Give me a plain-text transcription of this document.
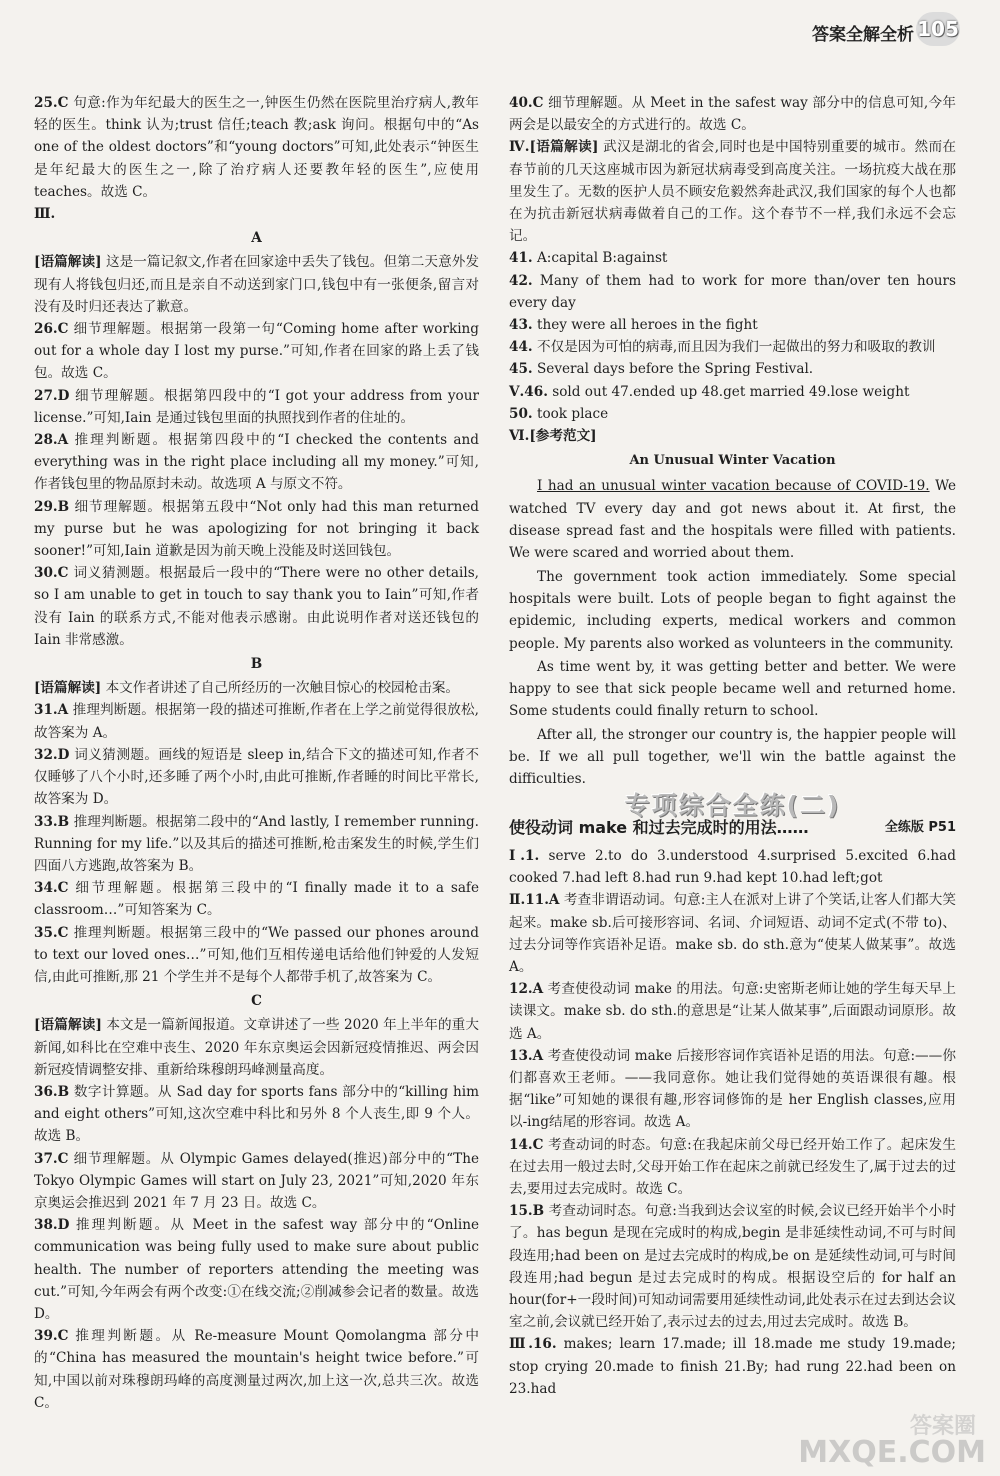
答案全解全析 105

25.C 句意:作为年纪最大的医生之一,钟医生仍然在医院里治疗病人,教年轻的医生。think 认为;trust 信任;teach 教;ask 询问。根据句中的“As one of the oldest doctors”和“young doctors”可知,此处表示“钟医生是年纪最大的医生之一,除了治疗病人还要教年轻的医生”,应使用 teaches。故选 C。

Ⅲ.

A

[语篇解读] 这是一篇记叙文,作者在回家途中丢失了钱包。但第二天意外发现有人将钱包归还,而且是亲自不动送到家门口,钱包中有一张便条,留言对没有及时归还表达了歉意。

26.C 细节理解题。根据第一段第一句“Coming home after working out for a whole day I lost my purse.”可知,作者在回家的路上丢了钱包。故选 C。

27.D 细节理解题。根据第四段中的“I got your address from your license.”可知,Iain 是通过钱包里面的执照找到作者的住址的。

28.A 推理判断题。根据第四段中的“I checked the contents and everything was in the right place including all my money.”可知,作者钱包里的物品原封未动。故选项 A 与原文不符。

29.B 细节理解题。根据第五段中“Not only had this man returned my purse but he was apologizing for not bringing it back sooner!”可知,Iain 道歉是因为前天晚上没能及时送回钱包。

30.C 词义猜测题。根据最后一段中的“There were no other details, so I am unable to get in touch to say thank you to Iain”可知,作者没有 Iain 的联系方式,不能对他表示感谢。由此说明作者对送还钱包的 Iain 非常感激。

B

[语篇解读] 本文作者讲述了自己所经历的一次触目惊心的校园枪击案。

31.A 推理判断题。根据第一段的描述可推断,作者在上学之前觉得很放松,故答案为 A。

32.D 词义猜测题。画线的短语是 sleep in,结合下文的描述可知,作者不仅睡够了八个小时,还多睡了两个小时,由此可推断,作者睡的时间比平常长,故答案为 D。

33.B 推理判断题。根据第二段中的“And lastly, I remember running. Running for my life.”以及其后的描述可推断,枪击案发生的时候,学生们四面八方逃跑,故答案为 B。

34.C 细节理解题。根据第三段中的“I finally made it to a safe classroom…”可知答案为 C。

35.C 推理判断题。根据第三段中的“We passed our phones around to text our loved ones…”可知,他们互相传递电话给他们钟爱的人发短信,由此可推断,那 21 个学生并不是每个人都带手机了,故答案为 C。

C

[语篇解读] 本文是一篇新闻报道。文章讲述了一些 2020 年上半年的重大新闻,如科比在空难中丧生、2020 年东京奥运会因新冠疫情推迟、两会因新冠疫情调整安排、重新给珠穆朗玛峰测量高度。

36.B 数字计算题。从 Sad day for sports fans 部分中的“killing him and eight others”可知,这次空难中科比和另外 8 个人丧生,即 9 个人。故选 B。

37.C 细节理解题。从 Olympic Games delayed(推迟)部分中的“The Tokyo Olympic Games will start on July 23, 2021”可知,2020 年东京奥运会推迟到 2021 年 7 月 23 日。故选 C。

38.D 推理判断题。从 Meet in the safest way 部分中的“Online communication was being fully used to make sure about public health. The number of reporters attending the meeting was cut.”可知,今年两会有两个改变:①在线交流;②削减参会记者的数量。故选 D。

39.C 推理判断题。从 Re-measure Mount Qomolangma 部分中的“China has measured the mountain's height twice before.”可知,中国以前对珠穆朗玛峰的高度测量过两次,加上这一次,总共三次。故选 C。

40.C 细节理解题。从 Meet in the safest way 部分中的信息可知,今年两会是以最安全的方式进行的。故选 C。

Ⅳ.[语篇解读] 武汉是湖北的省会,同时也是中国特别重要的城市。然而在春节前的几天这座城市因为新冠状病毒受到高度关注。一场抗疫大战在那里发生了。无数的医护人员不顾安危毅然奔赴武汉,我们国家的每个人也都在为抗击新冠状病毒做着自己的工作。这个春节不一样,我们永远不会忘记。

41. A:capital B:against

42. Many of them had to work for more than/over ten hours every day

43. they were all heroes in the fight

44. 不仅是因为可怕的病毒,而且因为我们一起做出的努力和吸取的教训

45. Several days before the Spring Festival.

Ⅴ.46. sold out 47.ended up 48.get married 49.lose weight

50. took place

Ⅵ.[参考范文]

An Unusual Winter Vacation

I had an unusual winter vacation because of COVID-19. We watched TV every day and got news about it. At first, the disease spread fast and the hospitals were filled with patients. We were scared and worried about them.

The government took action immediately. Some special hospitals were built. Lots of people began to fight against the epidemic, including experts, medical workers and common people. My parents also worked as volunteers in the community.

As time went by, it was getting better and better. We were happy to see that sick people became well and returned home. Some students could finally return to school.

After all, the stronger our country is, the happier people will be. If we all pull together, we'll win the battle against the difficulties.

专项综合全练(二)
全练版 P51
使役动词 make 和过去完成时的用法……

Ⅰ.1. serve 2.to do 3.understood 4.surprised 5.excited 6.had cooked 7.had left 8.had run 9.had kept 10.had left;got

Ⅱ.11.A 考查非谓语动词。句意:主人在派对上讲了个笑话,让客人们都大笑起来。make sb.后可接形容词、名词、介词短语、动词不定式(不带 to)、过去分词等作宾语补足语。make sb. do sth.意为“使某人做某事”。故选 A。

12.A 考查使役动词 make 的用法。句意:史密斯老师让她的学生每天早上读课文。make sb. do sth.的意思是“让某人做某事”,后面跟动词原形。故选 A。

13.A 考查使役动词 make 后接形容词作宾语补足语的用法。句意:——你们都喜欢王老师。——我同意你。她让我们觉得她的英语课很有趣。根据“like”可知她的课很有趣,形容词修饰的是 her English classes,应用以-ing结尾的形容词。故选 A。

14.C 考查动词的时态。句意:在我起床前父母已经开始工作了。起床发生在过去用一般过去时,父母开始工作在起床之前就已经发生了,属于过去的过去,要用过去完成时。故选 C。

15.B 考查动词时态。句意:当我到达会议室的时候,会议已经开始半个小时了。has begun 是现在完成时的构成,begin 是非延续性动词,不可与时间段连用;had been on 是过去完成时的构成,be on 是延续性动词,可与时间段连用;had begun 是过去完成时的构成。根据设空后的 for half an hour(for+一段时间)可知动词需要用延续性动词,此处表示在过去到达会议室之前,会议就已经开始了,表示过去的过去,用过去完成时。故选 B。

Ⅲ.16. makes; learn 17.made; ill 18.made me study 19.made; stop crying 20.made to finish 21.By; had rung 22.had been on 23.had

答案圈
MXQE.COM
